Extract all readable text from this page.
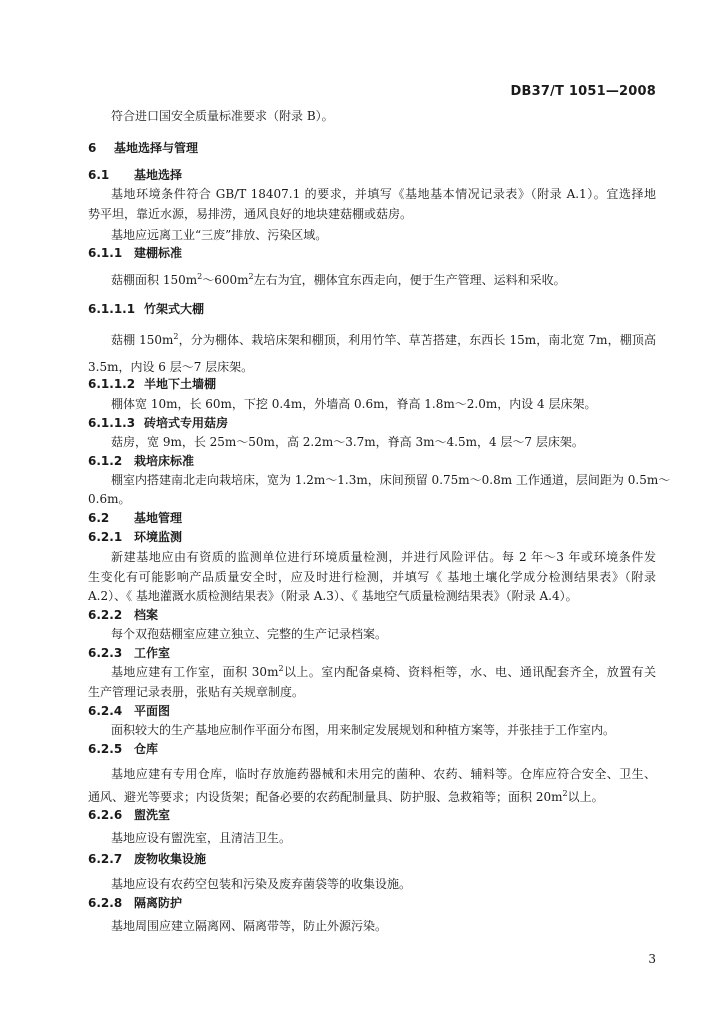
DB37/T 1051—2008
符合进口国安全质量标准要求（附录 B）。
6 基地选择与管理
6.1 基地选择
基地环境条件符合 GB/T 18407.1 的要求，并填写《基地基本情况记录表》（附录 A.1）。宜选择地
势平坦，靠近水源，易排涝，通风良好的地块建菇棚或菇房。
基地应远离工业“三废”排放、污染区域。
6.1.1 建棚标准
菇棚面积 $150m^2\sim 600m^2$左右为宜，棚体宜东西走向，便于生产管理、运料和采收。
6.1.1.1 竹架式大棚
菇棚 $150m^2$，分为棚体、栽培床架和棚顶，利用竹竿、草苫搭建，东西长 15m，南北宽 7m，棚顶高
3.5m，内设 6 层～7 层床架。
6.1.1.2 半地下土墙棚
棚体宽 10m，长 60m，下挖 0.4m，外墙高 0.6m，脊高 1.8m～2.0m，内设 4 层床架。
6.1.1.3 砖培式专用菇房
菇房，宽 9m，长 25m～50m，高 2.2m～3.7m，脊高 3m～4.5m，4 层～7 层床架。
6.1.2 栽培床标准
棚室内搭建南北走向栽培床，宽为 1.2m～1.3m，床间预留 0.75m～0.8m 工作通道，层间距为 0.5m～
0.6m。
6.2 基地管理
6.2.1 环境监测
新建基地应由有资质的监测单位进行环境质量检测，并进行风险评估。每 2 年～3 年或环境条件发
生变化有可能影响产品质量安全时，应及时进行检测，并填写《 基地土壤化学成分检测结果表》（附录
A.2）、《 基地灌溉水质检测结果表》（附录 A.3）、《 基地空气质量检测结果表》（附录 A.4）。
6.2.2 档案
每个双孢菇棚室应建立独立、完整的生产记录档案。
6.2.3 工作室
基地应建有工作室，面积 $30m^2$以上。室内配备桌椅、资料柜等，水、电、通讯配套齐全，放置有关
生产管理记录表册，张贴有关规章制度。
6.2.4 平面图
面积较大的生产基地应制作平面分布图，用来制定发展规划和种植方案等，并张挂于工作室内。
6.2.5 仓库
基地应建有专用仓库，临时存放施药器械和未用完的菌种、农药、辅料等。仓库应符合安全、卫生、
通风、避光等要求；内设货架；配备必要的农药配制量具、防护服、急救箱等；面积 $20m^2$以上。
6.2.6 盥洗室
基地应设有盥洗室，且清洁卫生。
6.2.7 废物收集设施
基地应设有农药空包装和污染及废弃菌袋等的收集设施。
6.2.8 隔离防护
基地周围应建立隔离网、隔离带等，防止外源污染。
3
